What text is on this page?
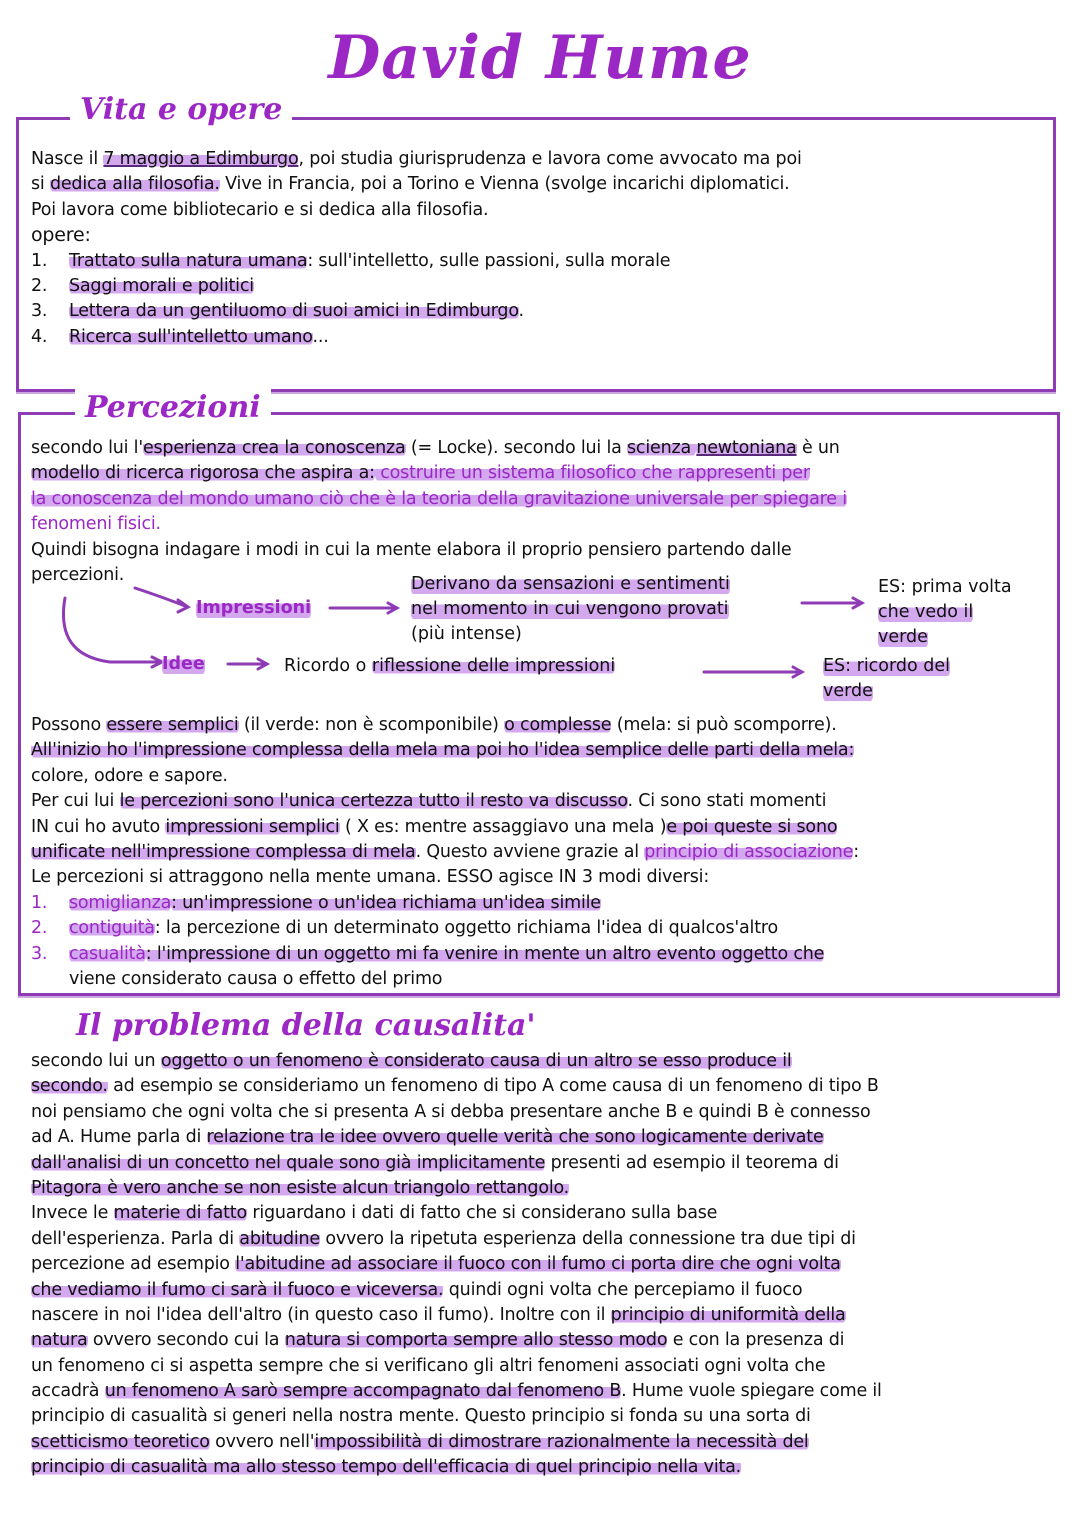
David Hume
Vita e opere
Nasce il 7 maggio a Edimburgo, poi studia giurisprudenza e lavora come avvocato ma poi
si dedica alla filosofia. Vive in Francia, poi a Torino e Vienna (svolge incarichi diplomatici.
Poi lavora come bibliotecario e si dedica alla filosofia.
opere:
1. Trattato sulla natura umana: sull'intelletto, sulle passioni, sulla morale
2. Saggi morali e politici
3. Lettera da un gentiluomo di suoi amici in Edimburgo.
4. Ricerca sull'intelletto umano...
Percezioni
secondo lui l'esperienza crea la conoscenza (= Locke). secondo lui la scienza newtoniana è un
modello di ricerca rigorosa che aspira a: costruire un sistema filosofico che rappresenti per
la conoscenza del mondo umano ciò che è la teoria della gravitazione universale per spiegare i
fenomeni fisici.
Quindi bisogna indagare i modi in cui la mente elabora il proprio pensiero partendo dalle
percezioni.
Impressioni
Derivano da sensazioni e sentimenti
nel momento in cui vengono provati
(più intense)
ES: prima volta
che vedo il
verde
Idee	Ricordo o riflessione delle impressioni	ES: ricordo del
verde
Possono essere semplici (il verde: non è scomponibile) o complesse (mela: si può scomporre).
All'inizio ho l'impressione complessa della mela ma poi ho l'idea semplice delle parti della mela:
colore, odore e sapore.
Per cui lui le percezioni sono l'unica certezza tutto il resto va discusso. Ci sono stati momenti
IN cui ho avuto impressioni semplici ( X es: mentre assaggiavo una mela )e poi queste si sono
unificate nell'impressione complessa di mela. Questo avviene grazie al principio di associazione:
Le percezioni si attraggono nella mente umana. ESSO agisce IN 3 modi diversi:
1. somiglianza: un'impressione o un'idea richiama un'idea simile
2. contiguità: la percezione di un determinato oggetto richiama l'idea di qualcos'altro
3. casualità: l'impressione di un oggetto mi fa venire in mente un altro evento oggetto che
viene considerato causa o effetto del primo
Il problema della causalita'
secondo lui un oggetto o un fenomeno è considerato causa di un altro se esso produce il
secondo. ad esempio se consideriamo un fenomeno di tipo A come causa di un fenomeno di tipo B
noi pensiamo che ogni volta che si presenta A si debba presentare anche B e quindi B è connesso
ad A. Hume parla di relazione tra le idee ovvero quelle verità che sono logicamente derivate
dall'analisi di un concetto nel quale sono già implicitamente presenti ad esempio il teorema di
Pitagora è vero anche se non esiste alcun triangolo rettangolo.
Invece le materie di fatto riguardano i dati di fatto che si considerano sulla base
dell'esperienza. Parla di abitudine ovvero la ripetuta esperienza della connessione tra due tipi di
percezione ad esempio l'abitudine ad associare il fuoco con il fumo ci porta dire che ogni volta
che vediamo il fumo ci sarà il fuoco e viceversa. quindi ogni volta che percepiamo il fuoco
nascere in noi l'idea dell'altro (in questo caso il fumo). Inoltre con il principio di uniformità della
natura ovvero secondo cui la natura si comporta sempre allo stesso modo e con la presenza di
un fenomeno ci si aspetta sempre che si verificano gli altri fenomeni associati ogni volta che
accadrà un fenomeno A sarò sempre accompagnato dal fenomeno B. Hume vuole spiegare come il
principio di casualità si generi nella nostra mente. Questo principio si fonda su una sorta di
scetticismo teoretico ovvero nell'impossibilità di dimostrare razionalmente la necessità del
principio di casualità ma allo stesso tempo dell'efficacia di quel principio nella vita.
